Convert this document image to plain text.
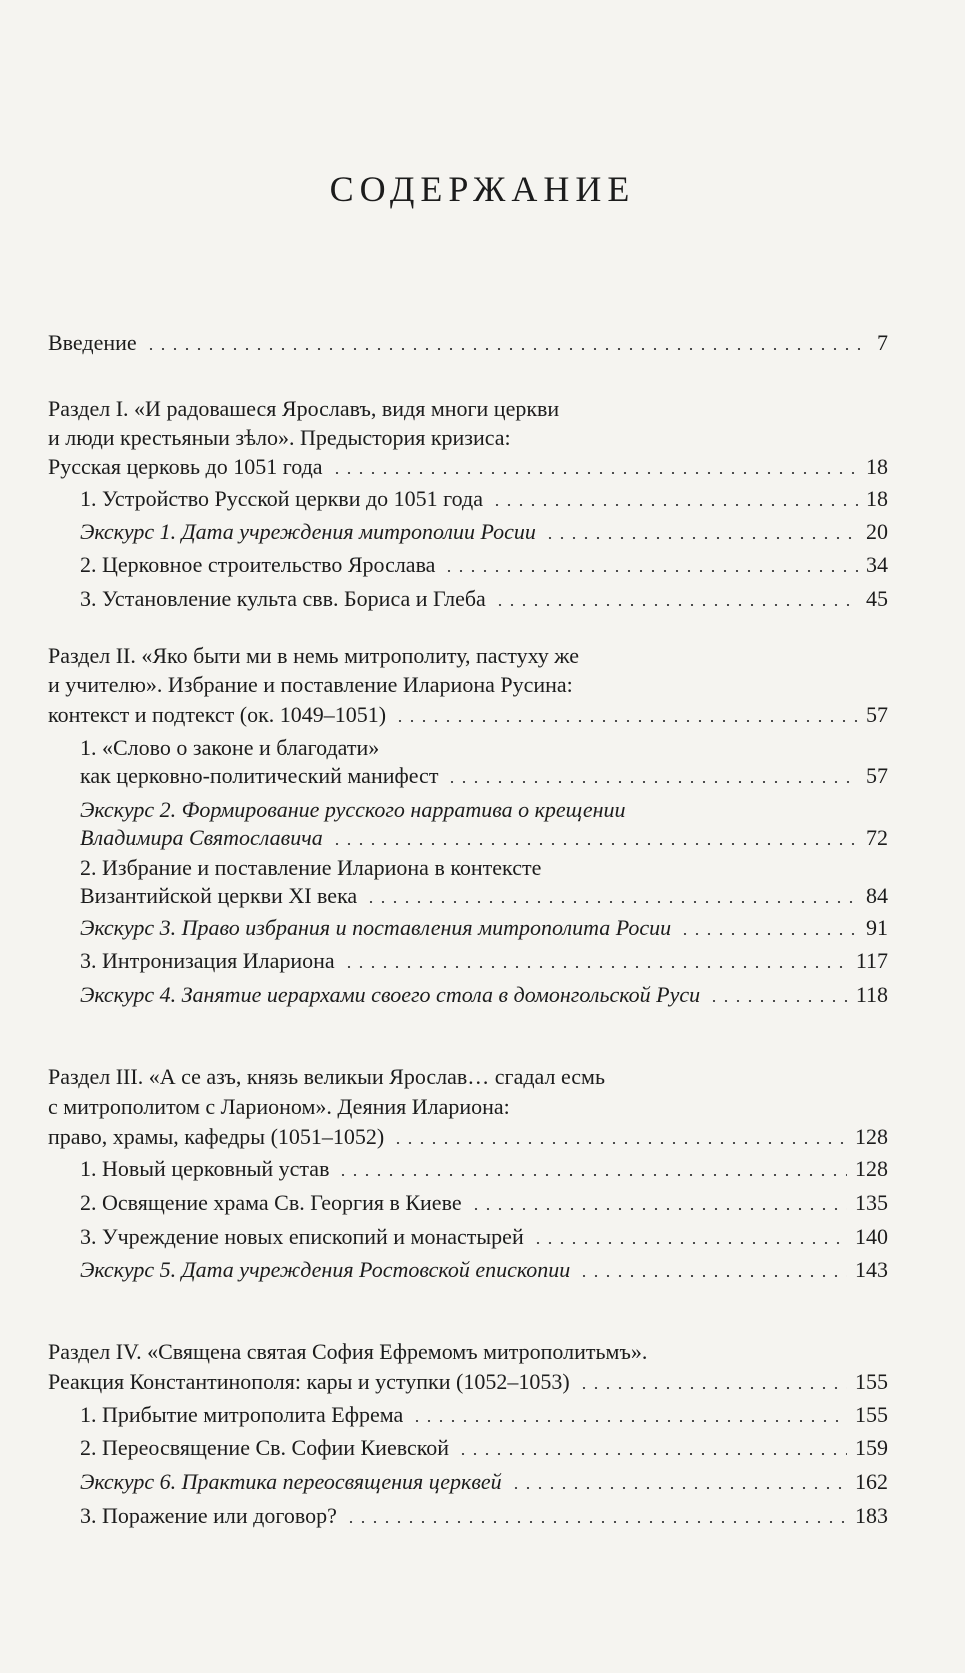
СОДЕРЖАНИЕ
Введение	7
Раздел I. «И радовашеся Ярославъ, видя многи церкви
и люди крестьяныи зѣло». Предыстория кризиса:
Русская церковь до 1051 года	18
1. Устройство Русской церкви до 1051 года	18
Экскурс 1. Дата учреждения митрополии Росии	20
2. Церковное строительство Ярослава	34
3. Установление культа свв. Бориса и Глеба	45
Раздел II. «Яко быти ми в немь митрополиту, пастуху же
и учителю». Избрание и поставление Илариона Русина:
контекст и подтекст (ок. 1049–1051)	57
1. «Слово о законе и благодати»
как церковно-политический манифест	57
Экскурс 2. Формирование русского нарратива о крещении
Владимира Святославича	72
2. Избрание и поставление Илариона в контексте
Византийской церкви XI века	84
Экскурс 3. Право избрания и поставления митрополита Росии	91
3. Интронизация Илариона	117
Экскурс 4. Занятие иерархами своего стола в домонгольской Руси	118
Раздел III. «А се азъ, князь великыи Ярослав… сгадал есмь
с митрополитом с Ларионом». Деяния Илариона:
право, храмы, кафедры (1051–1052)	128
1. Новый церковный устав	128
2. Освящение храма Св. Георгия в Киеве	135
3. Учреждение новых епископий и монастырей	140
Экскурс 5. Дата учреждения Ростовской епископии	143
Раздел IV. «Священа святая София Ефремомъ митрополитьмъ».
Реакция Константинополя: кары и уступки (1052–1053)	155
1. Прибытие митрополита Ефрема	155
2. Переосвящение Св. Софии Киевской	159
Экскурс 6. Практика переосвящения церквей	162
3. Поражение или договор?	183
